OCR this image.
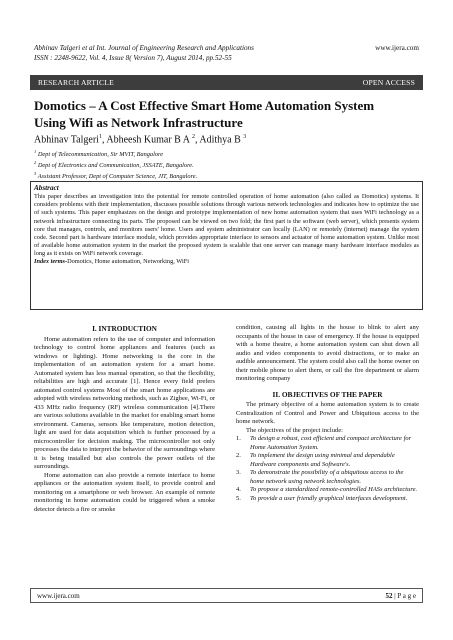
Abhinav Talgeri et al Int. Journal of Engineering Research and Applications
ISSN : 2248-9622, Vol. 4, Issue 8( Version 7), August 2014, pp.52-55
www.ijera.com
RESEARCH ARTICLE	OPEN ACCESS
Domotics – A Cost Effective Smart Home Automation System
Using Wifi as Network Infrastructure
Abhinav Talgeri$^1$, Abheesh Kumar B A $^2$, Adithya B $^3$
$^1$ Dept of Telecommunication, Sir MVIT, Bangalore
$^2$ Dept of Electronics and Communication, JSSATE, Bangalore.
$^3$ Assistant Professor, Dept of Computer Science, JIT, Bangalore.
Abstract
This paper describes an investigation into the potential for remote controlled operation of home automation (also called as Domotics) systems. It considers problems with their implementation, discusses possible solutions through various network technologies and indicates how to optimize the use of such systems. This paper emphasizes on the design and prototype implementation of new home automation system that uses WiFi technology as a network infrastructure connecting its parts. The proposed can be viewed on two fold; the first part is the software (web server), which presents system core that manages, controls, and monitors users' home. Users and system administrator can locally (LAN) or remotely (internet) manage the system code. Second part is hardware interface module, which provides appropriate interface to sensors and actuator of home automation system. Unlike most of available home automation system in the market the proposed system is scalable that one server can manage many hardware interface modules as long as it exists on WiFi network coverage.
Index terms-Domotics, Home automation, Networking, WiFi
I. INTRODUCTION
Home automation refers to the use of computer and information technology to control home appliances and features (such as windows or lighting). Home networking is the core in the implementation of an automation system for a smart home. Automated system has less manual operation, so that the flexibility, reliabilities are high and accurate [1]. Hence every field prefers automated control systems Most of the smart home applications are adopted with wireless networking methods, such as Zigbee, Wi-Fi, or 433 MHz radio frequency (RF) wireless communication [4].There are various solutions available in the market for enabling smart home environment. Cameras, sensors like temperature, motion detection, light are used for data acquisition which is further processed by a microcontroller for decision making. The microcontroller not only processes the data to interpret the behavior of the surroundings where it is being installed but also controls the power outlets of the surroundings.
Home automation can also provide a remote interface to home appliances or the automation system itself, to provide control and monitoring on a smartphone or web browser. An example of remote monitoring in home automation could be triggered when a smoke detector detects a fire or smoke
condition, causing all lights in the house to blink to alert any occupants of the house in case of emergency. If the house is equipped with a home theatre, a home automation system can shut down all audio and video components to avoid distractions, or to make an audible announcement. The system could also call the home owner on their mobile phone to alert them, or call the fire department or alarm monitoring company
II. OBJECTIVES OF THE PAPER
The primary objective of a home automation system is to create Centralization of Control and Power and Ubiquitous access to the home network.
The objectives of the project include:
1.	To design a robust, cost efficient and compact architecture for Home Automation System.
2.	To implement the design using minimal and dependable Hardware components and Software's.
3.	To demonstrate the possibility of a ubiquitous access to the home network using network technologies.
4.	To propose a standardized remote-controlled HASs architecture.
5.	To provide a user friendly graphical interfaces development.
www.ijera.com	52 | P a g e
